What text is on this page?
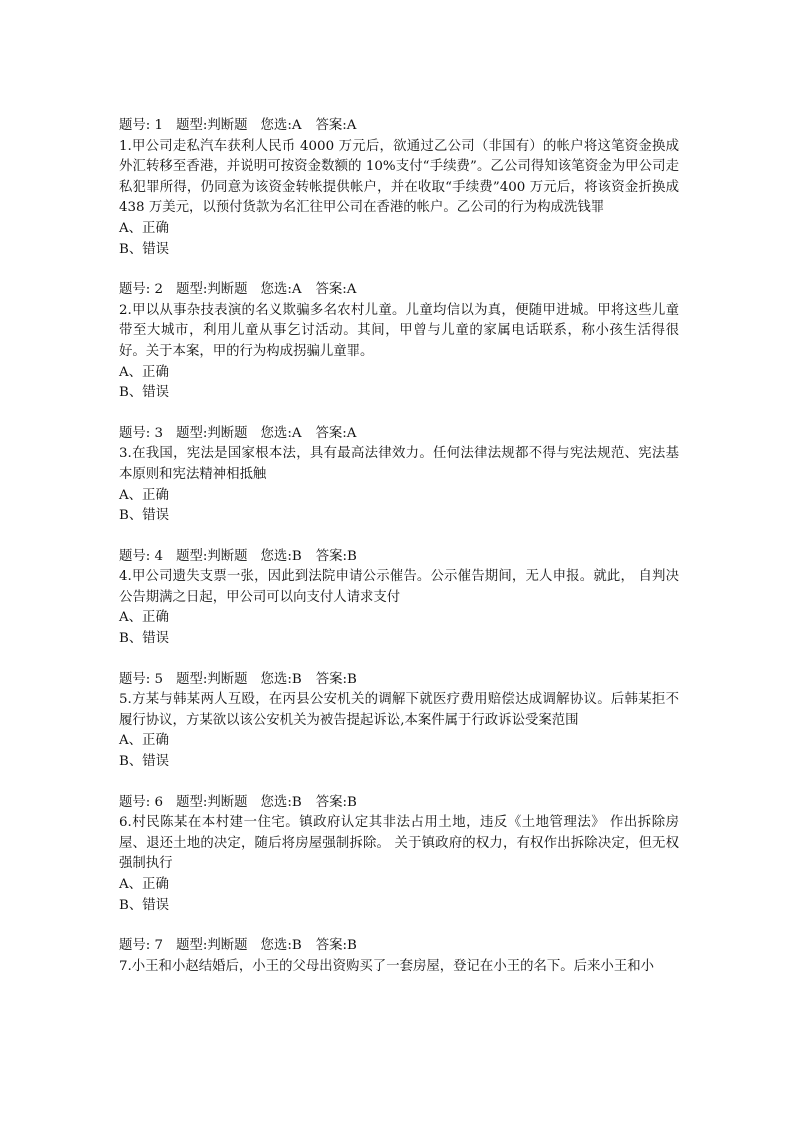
题号: 1 题型:判断题 您选:A 答案:A
1.甲公司走私汽车获利人民币 4000 万元后，欲通过乙公司（非国有）的帐户将这笔资金换成外汇转移至香港，并说明可按资金数额的 10%支付“手续费”。乙公司得知该笔资金为甲公司走私犯罪所得，仍同意为该资金转帐提供帐户，并在收取“手续费”400 万元后，将该资金折换成 438 万美元，以预付货款为名汇往甲公司在香港的帐户。乙公司的行为构成洗钱罪
A、正确
B、错误
题号: 2 题型:判断题 您选:A 答案:A
2.甲以从事杂技表演的名义欺骗多名农村儿童。儿童均信以为真，便随甲进城。甲将这些儿童带至大城市，利用儿童从事乞讨活动。其间，甲曾与儿童的家属电话联系，称小孩生活得很好。关于本案，甲的行为构成拐骗儿童罪。
A、正确
B、错误
题号: 3 题型:判断题 您选:A 答案:A
3.在我国，宪法是国家根本法，具有最高法律效力。任何法律法规都不得与宪法规范、宪法基本原则和宪法精神相抵触
A、正确
B、错误
题号: 4 题型:判断题 您选:B 答案:B
4.甲公司遗失支票一张，因此到法院申请公示催告。公示催告期间，无人申报。就此， 自判决公告期满之日起，甲公司可以向支付人请求支付
A、正确
B、错误
题号: 5 题型:判断题 您选:B 答案:B
5.方某与韩某两人互殴，在丙县公安机关的调解下就医疗费用赔偿达成调解协议。后韩某拒不履行协议，方某欲以该公安机关为被告提起诉讼,本案件属于行政诉讼受案范围
A、正确
B、错误
题号: 6 题型:判断题 您选:B 答案:B
6.村民陈某在本村建一住宅。镇政府认定其非法占用土地，违反《土地管理法》 作出拆除房屋、退还土地的决定，随后将房屋强制拆除。 关于镇政府的权力，有权作出拆除决定，但无权强制执行
A、正确
B、错误
题号: 7 题型:判断题 您选:B 答案:B
7.小王和小赵结婚后，小王的父母出资购买了一套房屋，登记在小王的名下。后来小王和小
